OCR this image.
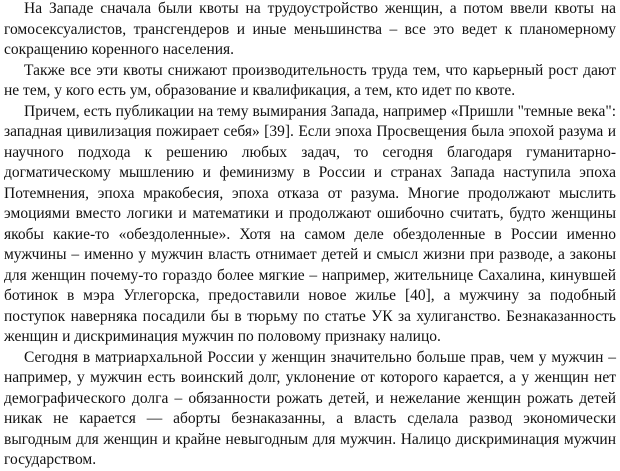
На Западе сначала были квоты на трудоустройство женщин, а потом ввели квоты на гомосексуалистов, трансгендеров и иные меньшинства – все это ведет к планомерному сокращению коренного населения.

Также все эти квоты снижают производительность труда тем, что карьерный рост дают не тем, у кого есть ум, образование и квалификация, а тем, кто идет по квоте.

Причем, есть публикации на тему вымирания Запада, например «Пришли "темные века": западная цивилизация пожирает себя» [39]. Если эпоха Просвещения была эпохой разума и научного подхода к решению любых задач, то сегодня благодаря гуманитарно-догматическому мышлению и феминизму в России и странах Запада наступила эпоха Потемнения, эпоха мракобесия, эпоха отказа от разума. Многие продолжают мыслить эмоциями вместо логики и математики и продолжают ошибочно считать, будто женщины якобы какие-то «обездоленные». Хотя на самом деле обездоленные в России именно мужчины – именно у мужчин власть отнимает детей и смысл жизни при разводе, а законы для женщин почему-то гораздо более мягкие – например, жительнице Сахалина, кинувшей ботинок в мэра Углегорска, предоставили новое жилье [40], а мужчину за подобный поступок наверняка посадили бы в тюрьму по статье УК за хулиганство. Безнаказанность женщин и дискриминация мужчин по половому признаку налицо.

Сегодня в матриархальной России у женщин значительно больше прав, чем у мужчин – например, у мужчин есть воинский долг, уклонение от которого карается, а у женщин нет демографического долга – обязанности рожать детей, и нежелание женщин рожать детей никак не карается — аборты безнаказанны, а власть сделала развод экономически выгодным для женщин и крайне невыгодным для мужчин. Налицо дискриминация мужчин государством.
